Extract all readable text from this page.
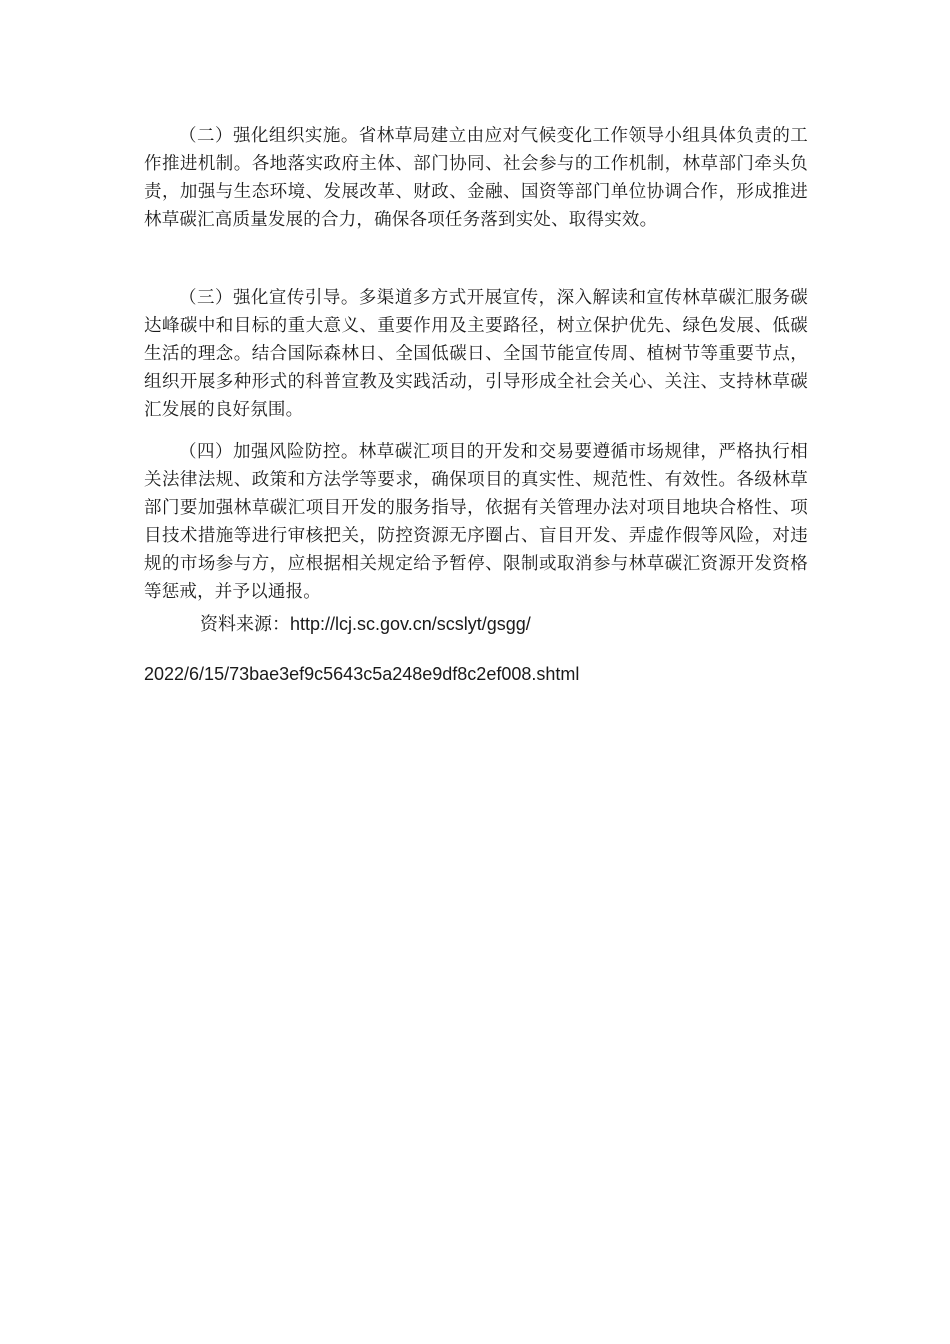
（二）强化组织实施。省林草局建立由应对气候变化工作领导小组具体负责的工作推进机制。各地落实政府主体、部门协同、社会参与的工作机制，林草部门牵头负责，加强与生态环境、发展改革、财政、金融、国资等部门单位协调合作，形成推进林草碳汇高质量发展的合力，确保各项任务落到实处、取得实效。

（三）强化宣传引导。多渠道多方式开展宣传，深入解读和宣传林草碳汇服务碳达峰碳中和目标的重大意义、重要作用及主要路径，树立保护优先、绿色发展、低碳生活的理念。结合国际森林日、全国低碳日、全国节能宣传周、植树节等重要节点，组织开展多种形式的科普宣教及实践活动，引导形成全社会关心、关注、支持林草碳汇发展的良好氛围。

（四）加强风险防控。林草碳汇项目的开发和交易要遵循市场规律，严格执行相关法律法规、政策和方法学等要求，确保项目的真实性、规范性、有效性。各级林草部门要加强林草碳汇项目开发的服务指导，依据有关管理办法对项目地块合格性、项目技术措施等进行审核把关，防控资源无序圈占、盲目开发、弄虚作假等风险，对违规的市场参与方，应根据相关规定给予暂停、限制或取消参与林草碳汇资源开发资格等惩戒，并予以通报。

资料来源：http://lcj.sc.gov.cn/scslyt/gsgg/

2022/6/15/73bae3ef9c5643c5a248e9df8c2ef008.shtml
